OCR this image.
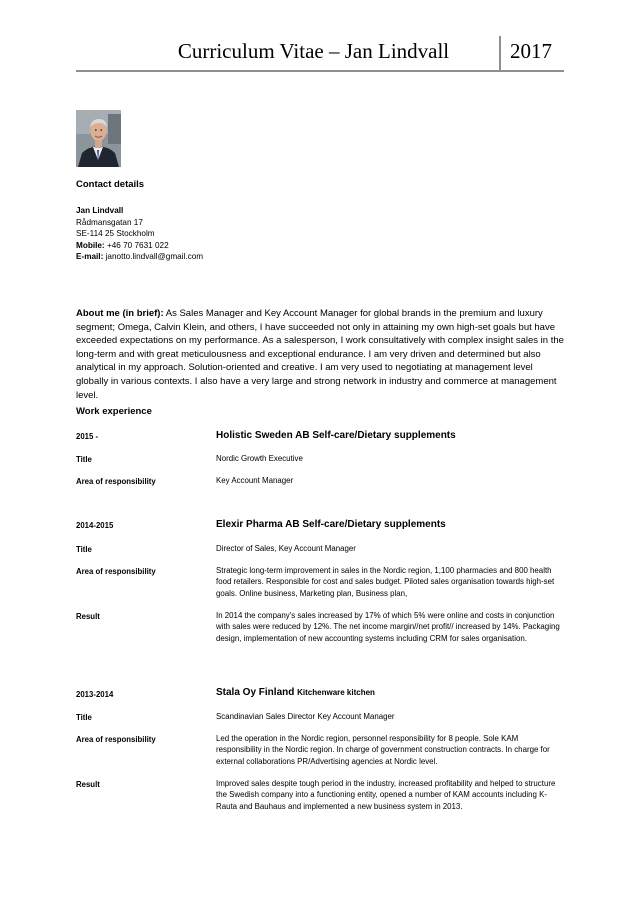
Curriculum Vitae – Jan Lindvall	2017
Contact details
Jan Lindvall
Rådmansgatan 17
SE-114 25 Stockholm
Mobile: +46 70 7631 022
E-mail: janotto.lindvall@gmail.com
About me (in brief): As Sales Manager and Key Account Manager for global brands in the premium and luxury segment; Omega, Calvin Klein, and others, I have succeeded not only in attaining my own high-set goals but have exceeded expectations on my performance. As a salesperson, I work consultatively with complex insight sales in the long-term and with great meticulousness and exceptional endurance. I am very driven and determined but also analytical in my approach. Solution-oriented and creative. I am very used to negotiating at management level globally in various contexts. I also have a very large and strong network in industry and commerce at management level.
Work experience
2015 -	Holistic Sweden AB Self-care/Dietary supplements
Title	Nordic Growth Executive
Area of responsibility	Key Account Manager
2014-2015	Elexir Pharma AB Self-care/Dietary supplements
Title	Director of Sales, Key Account Manager
Area of responsibility	Strategic long-term improvement in sales in the Nordic region, 1,100 pharmacies and 800 health food retailers. Responsible for cost and sales budget. Piloted sales organisation towards high-set goals. Online business, Marketing plan, Business plan,
Result	In 2014 the company's sales increased by 17% of which 5% were online and costs in conjunction with sales were reduced by 12%. The net income margin//net profit// increased by 14%. Packaging design, implementation of new accounting systems including CRM for sales organisation.
2013-2014	Stala Oy Finland Kitchenware kitchen
Title	Scandinavian Sales Director Key Account Manager
Area of responsibility	Led the operation in the Nordic region, personnel responsibility for 8 people. Sole KAM responsibility in the Nordic region. In charge of government construction contracts. In charge for external collaborations PR/Advertising agencies at Nordic level.
Result	Improved sales despite tough period in the industry, increased profitability and helped to structure the Swedish company into a functioning entity, opened a number of KAM accounts including K-Rauta and Bauhaus and implemented a new business system in 2013.
